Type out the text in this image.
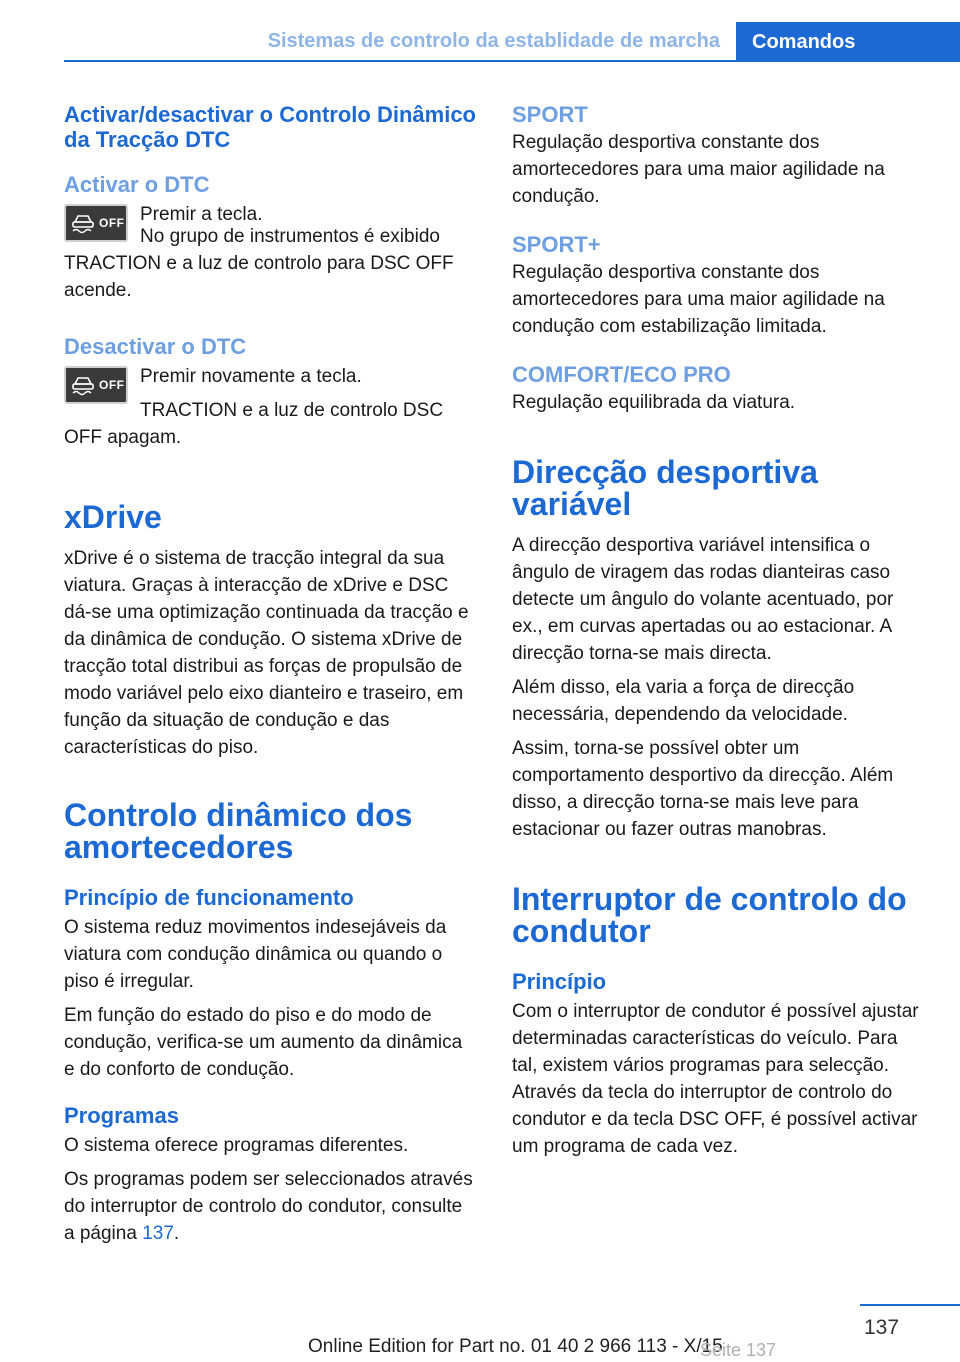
Sistemas de controlo da establidade de marcha	Comandos
Activar/desactivar o Controlo Dinâmico da Tracção DTC
Activar o DTC
OFF Premir a tecla.
No grupo de instrumentos é exibido TRACTION e a luz de controlo para DSC OFF acende.
Desactivar o DTC
OFF Premir novamente a tecla.
TRACTION e a luz de controlo DSC OFF apagam.
xDrive
xDrive é o sistema de tracção integral da sua viatura. Graças à interacção de xDrive e DSC dá-se uma optimização continuada da tracção e da dinâmica de condução. O sistema xDrive de tracção total distribui as forças de propulsão de modo variável pelo eixo dianteiro e traseiro, em função da situação de condução e das características do piso.
Controlo dinâmico dos amortecedores
Princípio de funcionamento
O sistema reduz movimentos indesejáveis da viatura com condução dinâmica ou quando o piso é irregular.
Em função do estado do piso e do modo de condução, verifica-se um aumento da dinâmica e do conforto de condução.
Programas
O sistema oferece programas diferentes.
Os programas podem ser seleccionados através do interruptor de controlo do condutor, consulte a página 137.
SPORT
Regulação desportiva constante dos amortecedores para uma maior agilidade na condução.
SPORT+
Regulação desportiva constante dos amortecedores para uma maior agilidade na condução com estabilização limitada.
COMFORT/ECO PRO
Regulação equilibrada da viatura.
Direcção desportiva variável
A direcção desportiva variável intensifica o ângulo de viragem das rodas dianteiras caso detecte um ângulo do volante acentuado, por ex., em curvas apertadas ou ao estacionar. A direcção torna-se mais directa.
Além disso, ela varia a força de direcção necessária, dependendo da velocidade.
Assim, torna-se possível obter um comportamento desportivo da direcção. Além disso, a direcção torna-se mais leve para estacionar ou fazer outras manobras.
Interruptor de controlo do condutor
Princípio
Com o interruptor de condutor é possível ajustar determinadas características do veículo. Para tal, existem vários programas para selecção. Através da tecla do interruptor de controlo do condutor e da tecla DSC OFF, é possível activar um programa de cada vez.
137
Online Edition for Part no. 01 40 2 966 113 - X/15
Seite 137
